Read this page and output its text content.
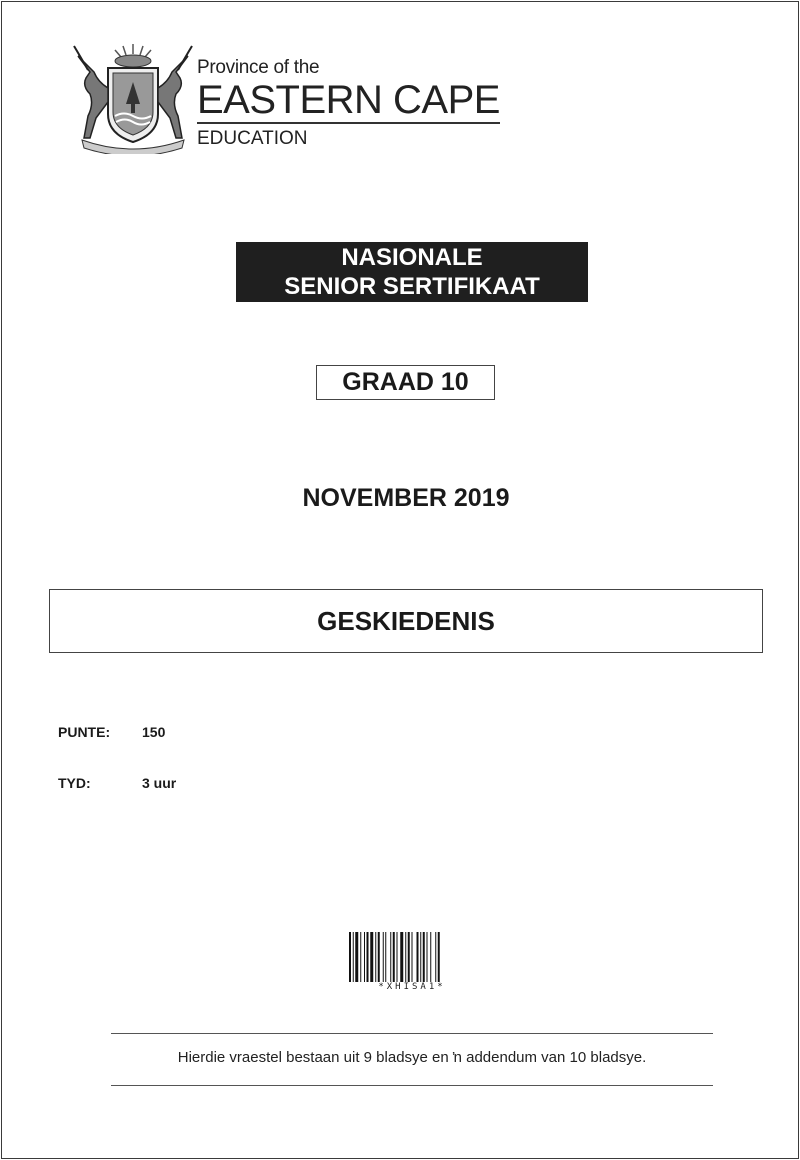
Province of the
EASTERN CAPE
EDUCATION
NASIONALE
SENIOR SERTIFIKAAT
GRAAD 10
NOVEMBER 2019
GESKIEDENIS
PUNTE: 150
TYD:	3 uur
*XHISA1*
Hierdie vraestel bestaan uit 9 bladsye en ŉ addendum van 10 bladsye.
